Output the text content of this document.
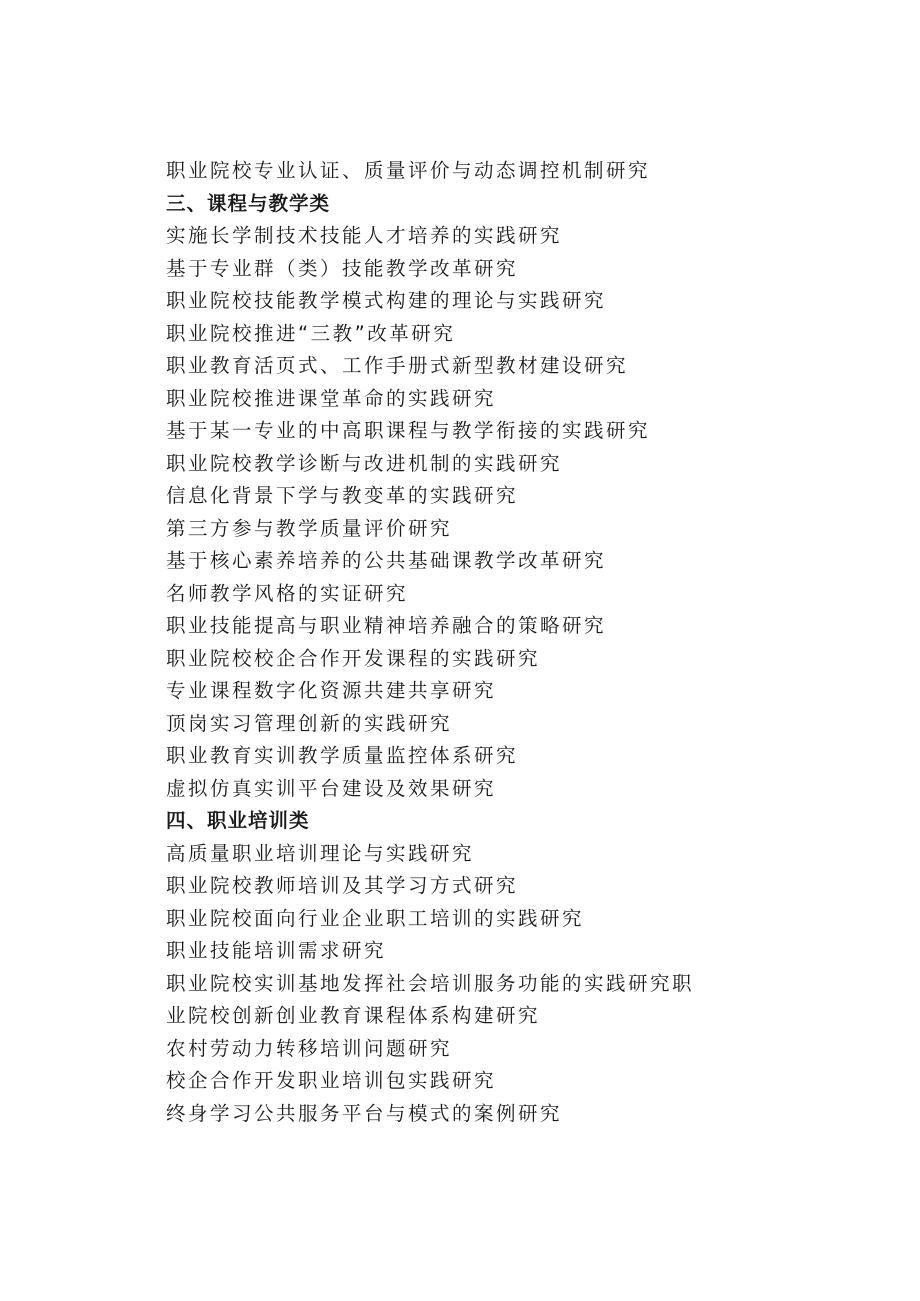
职业院校专业认证、质量评价与动态调控机制研究
三、课程与教学类
实施长学制技术技能人才培养的实践研究
基于专业群（类）技能教学改革研究
职业院校技能教学模式构建的理论与实践研究
职业院校推进“三教”改革研究
职业教育活页式、工作手册式新型教材建设研究
职业院校推进课堂革命的实践研究
基于某一专业的中高职课程与教学衔接的实践研究
职业院校教学诊断与改进机制的实践研究
信息化背景下学与教变革的实践研究
第三方参与教学质量评价研究
基于核心素养培养的公共基础课教学改革研究
名师教学风格的实证研究
职业技能提高与职业精神培养融合的策略研究
职业院校校企合作开发课程的实践研究
专业课程数字化资源共建共享研究
顶岗实习管理创新的实践研究
职业教育实训教学质量监控体系研究
虚拟仿真实训平台建设及效果研究
四、职业培训类
高质量职业培训理论与实践研究
职业院校教师培训及其学习方式研究
职业院校面向行业企业职工培训的实践研究
职业技能培训需求研究
职业院校实训基地发挥社会培训服务功能的实践研究职
业院校创新创业教育课程体系构建研究
农村劳动力转移培训问题研究
校企合作开发职业培训包实践研究
终身学习公共服务平台与模式的案例研究
